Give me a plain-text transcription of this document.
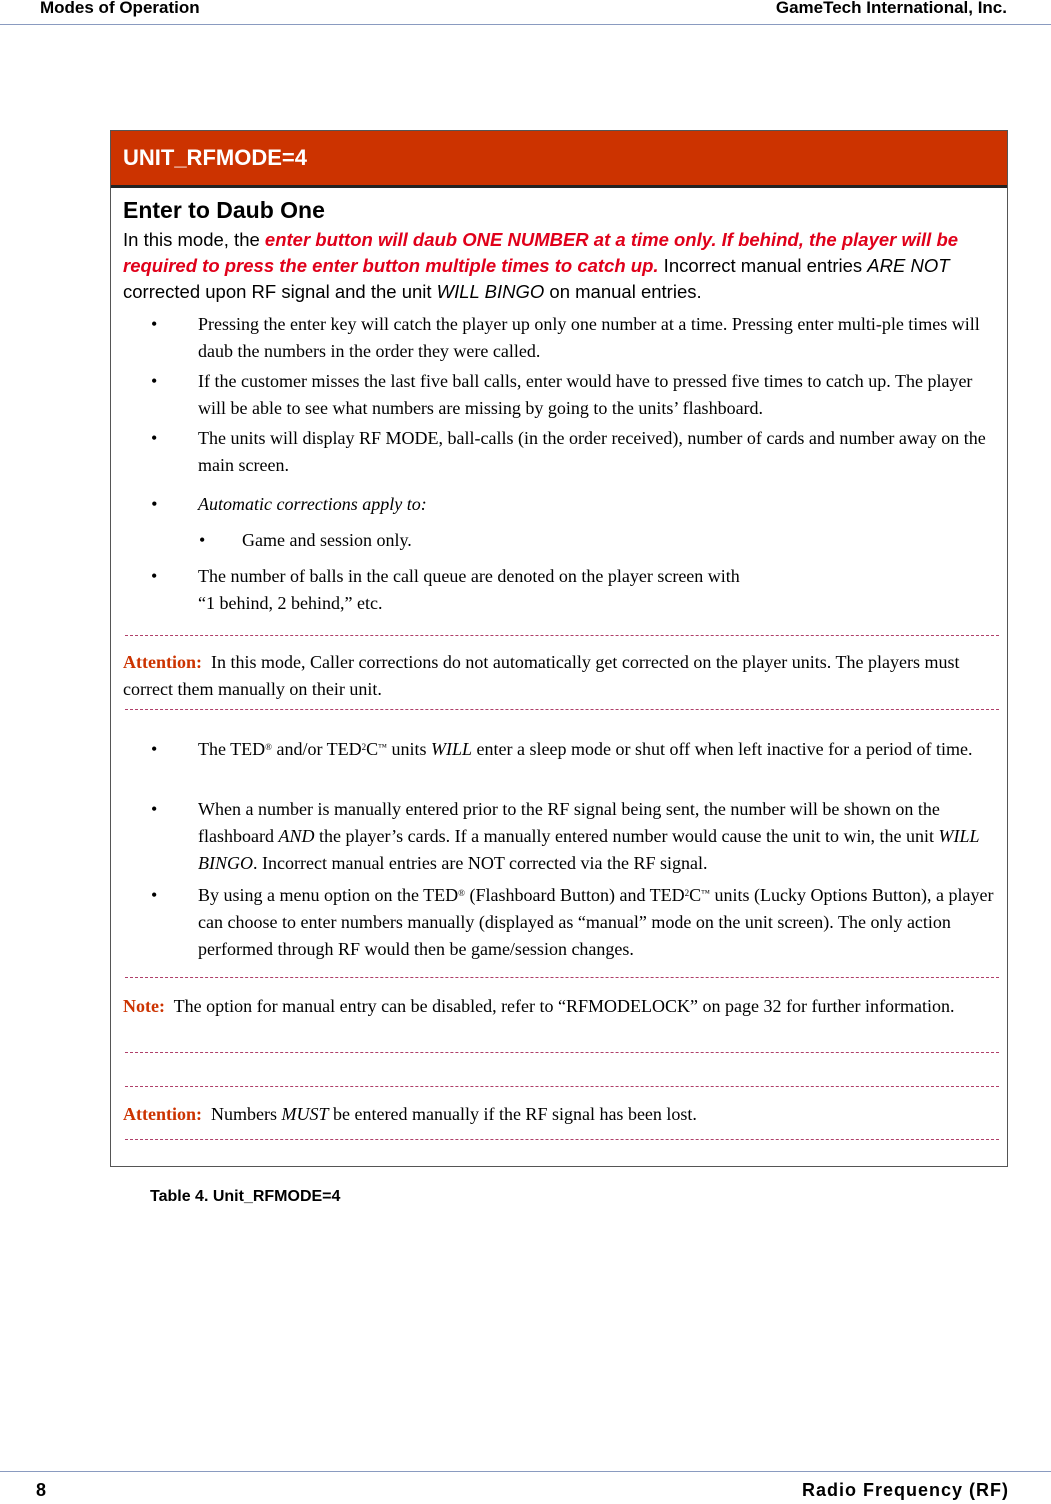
Modes of Operation	GameTech International, Inc.
UNIT_RFMODE=4
Enter to Daub One
In this mode, the enter button will daub ONE NUMBER at a time only. If behind, the player will be required to press the enter button multiple times to catch up. Incorrect manual entries ARE NOT corrected upon RF signal and the unit WILL BINGO on manual entries.
• Pressing the enter key will catch the player up only one number at a time. Pressing enter multi-ple times will daub the numbers in the order they were called.
• If the customer misses the last five ball calls, enter would have to pressed five times to catch up. The player will be able to see what numbers are missing by going to the units’ flashboard.
• The units will display RF MODE, ball-calls (in the order received), number of cards and number away on the main screen.
• Automatic corrections apply to:
• Game and session only.
• The number of balls in the call queue are denoted on the player screen with
“1 behind, 2 behind,” etc.
Attention: In this mode, Caller corrections do not automatically get corrected on the player units. The players must correct them manually on their unit.
• The TED® and/or TED$^2$C™ units WILL enter a sleep mode or shut off when left inactive for a period of time.
• When a number is manually entered prior to the RF signal being sent, the number will be shown on the flashboard AND the player’s cards. If a manually entered number would cause the unit to win, the unit WILL BINGO. Incorrect manual entries are NOT corrected via the RF signal.
• By using a menu option on the TED® (Flashboard Button) and TED$^2$C™ units (Lucky Options Button), a player can choose to enter numbers manually (displayed as “manual” mode on the unit screen). The only action performed through RF would then be game/session changes.
Note: The option for manual entry can be disabled, refer to “RFMODELOCK” on page 32 for further information.
Attention: Numbers MUST be entered manually if the RF signal has been lost.
Table 4. Unit_RFMODE=4
8	Radio Frequency (RF)
